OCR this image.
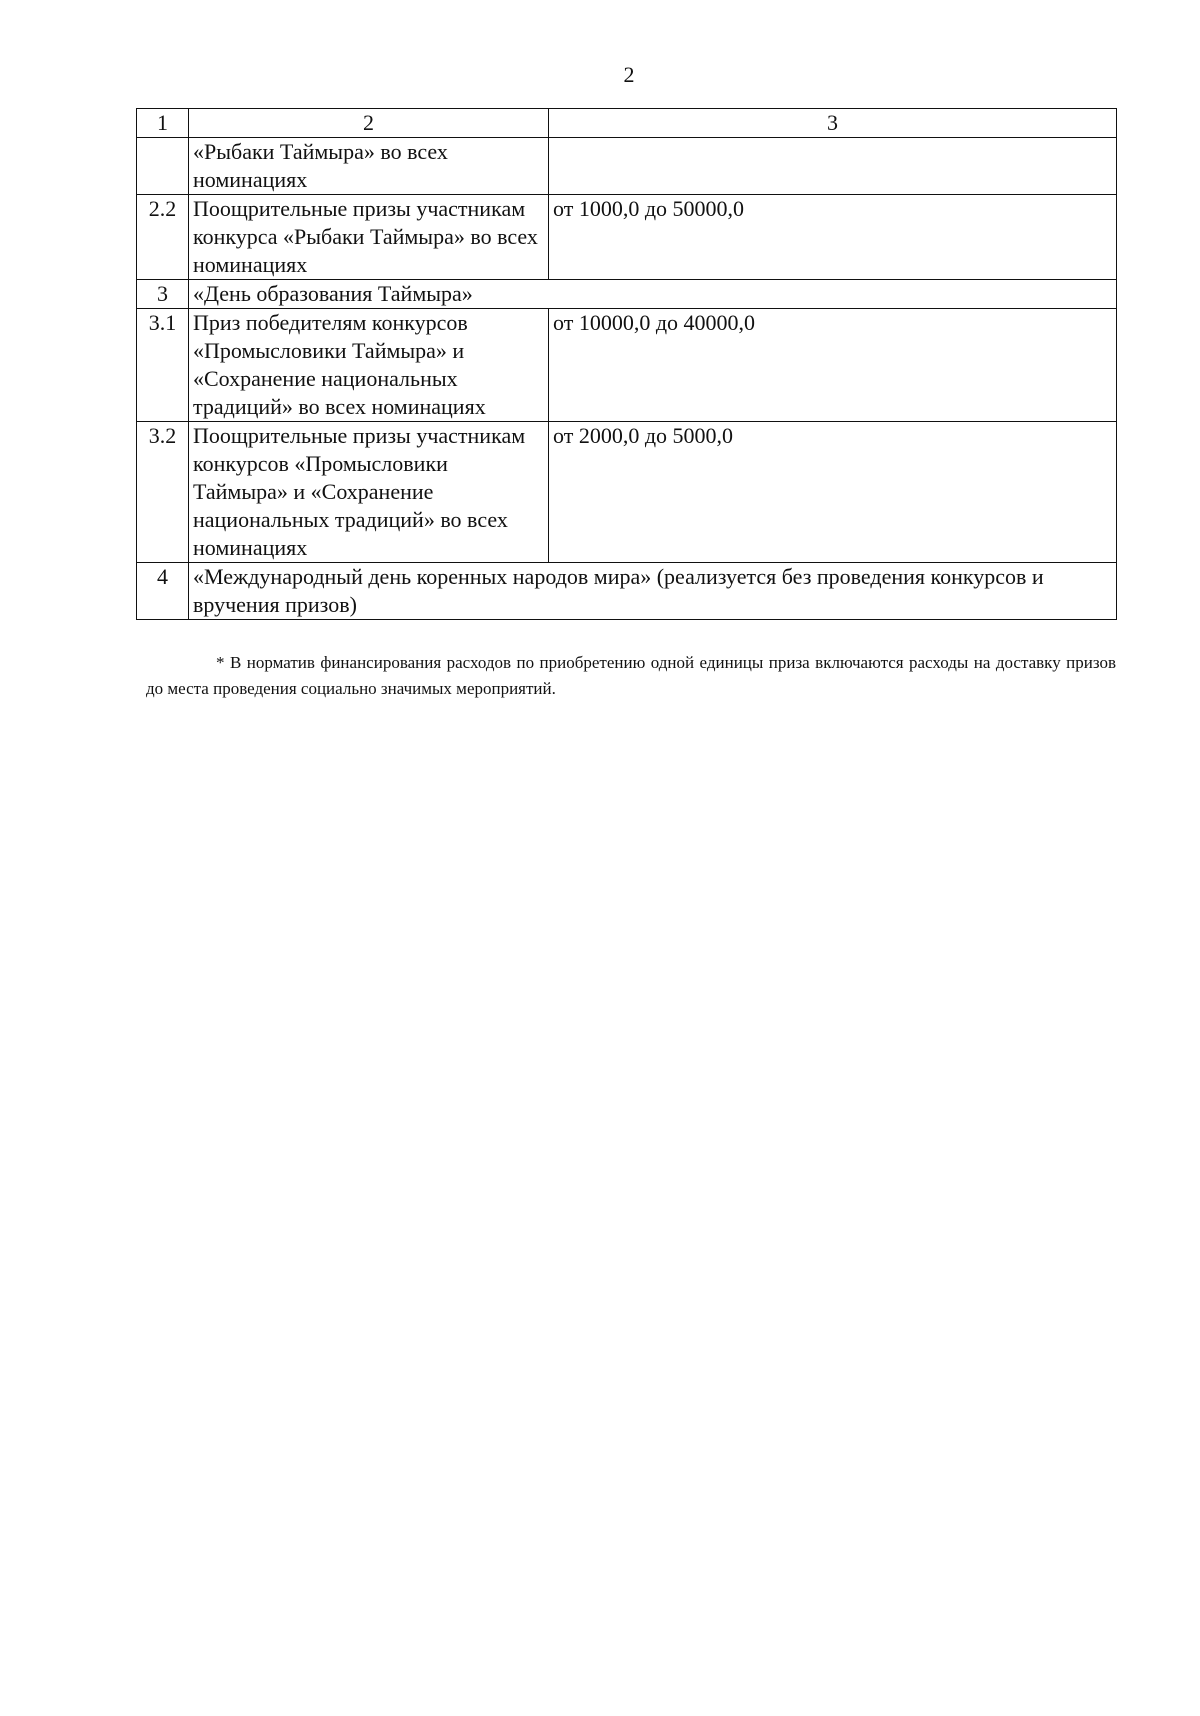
2
1	2	3
	«Рыбаки Таймыра» во всех номинациях	
2.2	Поощрительные призы участникам конкурса «Рыбаки Таймыра» во всех номинациях	от 1000,0 до 50000,0
3	«День образования Таймыра»	
3.1	Приз победителям конкурсов «Промысловики Таймыра» и «Сохранение национальных традиций» во всех номинациях	от 10000,0 до 40000,0
3.2	Поощрительные призы участникам конкурсов «Промысловики Таймыра» и «Сохранение национальных традиций» во всех номинациях	от 2000,0 до 5000,0
4	«Международный день коренных народов мира» (реализуется без проведения конкурсов и вручения призов)	
* В норматив финансирования расходов по приобретению одной единицы приза включаются расходы на доставку призов до места проведения социально значимых мероприятий.
